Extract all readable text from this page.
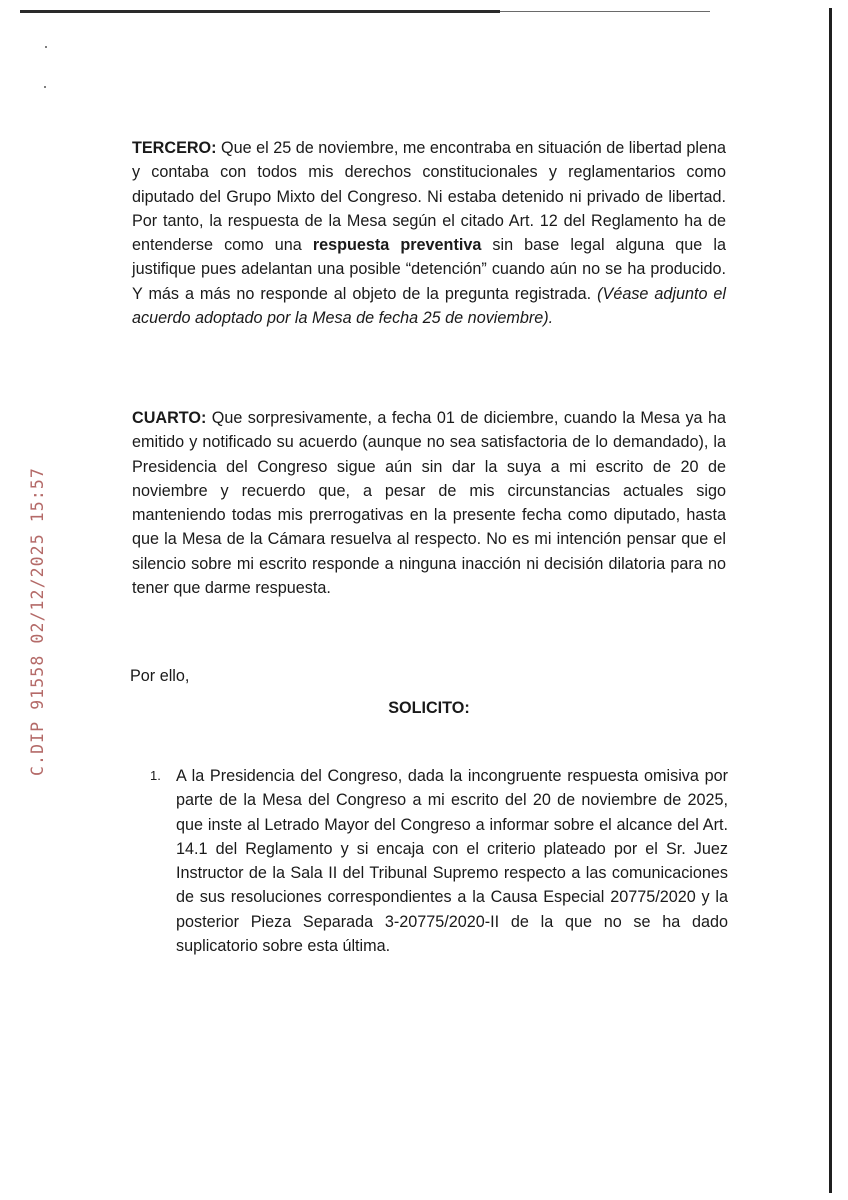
C.DIP 91558 02/12/2025 15:57

TERCERO: Que el 25 de noviembre, me encontraba en situación de libertad plena y contaba con todos mis derechos constitucionales y reglamentarios como diputado del Grupo Mixto del Congreso. Ni estaba detenido ni privado de libertad. Por tanto, la respuesta de la Mesa según el citado Art. 12 del Reglamento ha de entenderse como una respuesta preventiva sin base legal alguna que la justifique pues adelantan una posible “detención” cuando aún no se ha producido. Y más a más no responde al objeto de la pregunta registrada. (Véase adjunto el acuerdo adoptado por la Mesa de fecha 25 de noviembre).

CUARTO: Que sorpresivamente, a fecha 01 de diciembre, cuando la Mesa ya ha emitido y notificado su acuerdo (aunque no sea satisfactoria de lo demandado), la Presidencia del Congreso sigue aún sin dar la suya a mi escrito de 20 de noviembre y recuerdo que, a pesar de mis circunstancias actuales sigo manteniendo todas mis prerrogativas en la presente fecha como diputado, hasta que la Mesa de la Cámara resuelva al respecto. No es mi intención pensar que el silencio sobre mi escrito responde a ninguna inacción ni decisión dilatoria para no tener que darme respuesta.

Por ello,

SOLICITO:

1. A la Presidencia del Congreso, dada la incongruente respuesta omisiva por parte de la Mesa del Congreso a mi escrito del 20 de noviembre de 2025, que inste al Letrado Mayor del Congreso a informar sobre el alcance del Art. 14.1 del Reglamento y si encaja con el criterio plateado por el Sr. Juez Instructor de la Sala II del Tribunal Supremo respecto a las comunicaciones de sus resoluciones correspondientes a la Causa Especial 20775/2020 y la posterior Pieza Separada 3-20775/2020-II de la que no se ha dado suplicatorio sobre esta última.
